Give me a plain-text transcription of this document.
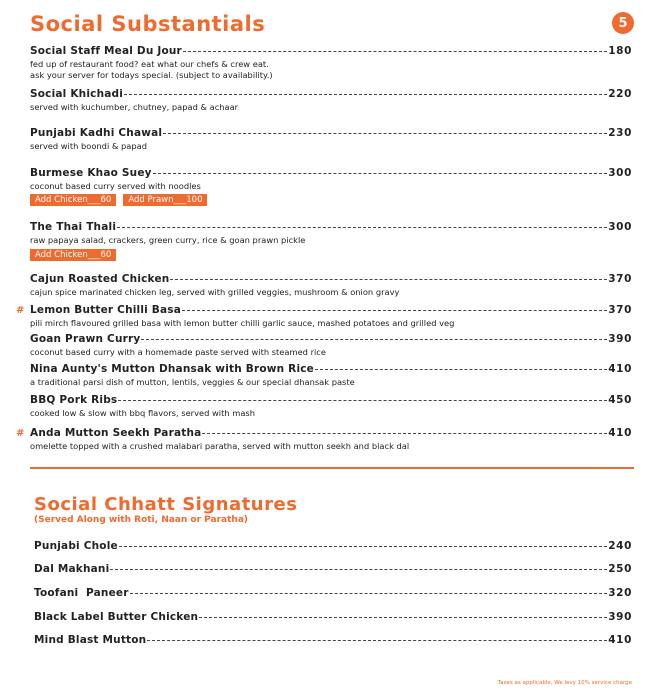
Social Substantials	5
Social Staff Meal Du Jour	180
fed up of restaurant food? eat what our chefs & crew eat.
ask your server for todays special. (subject to availability.)
Social Khichadi	220
served with kuchumber, chutney, papad & achaar
Punjabi Kadhi Chawal	230
served with boondi & papad
Burmese Khao Suey	300
coconut based curry served with noodles
Add Chicken___60	Add Prawn___100
The Thai Thali	300
raw papaya salad, crackers, green curry, rice & goan prawn pickle
Add Chicken___60
Cajun Roasted Chicken	370
cajun spice marinated chicken leg, served with grilled veggies, mushroom & onion gravy
# Lemon Butter Chilli Basa	370
pili mirch flavoured grilled basa with lemon butter chilli garlic sauce, mashed potatoes and grilled veg
Goan Prawn Curry	390
coconut based curry with a homemade paste served with steamed rice
Nina Aunty's Mutton Dhansak with Brown Rice	410
a traditional parsi dish of mutton, lentils, veggies & our special dhansak paste
BBQ Pork Ribs	450
cooked low & slow with bbq flavors, served with mash
# Anda Mutton Seekh Paratha	410
omelette topped with a crushed malabari paratha, served with mutton seekh and black dal
Social Chhatt Signatures
(Served Along with Roti, Naan or Paratha)
Punjabi Chole	240
Dal Makhani	250
Toofani  Paneer	320
Black Label Butter Chicken	390
Mind Blast Mutton	410
Taxes as applicable, We levy 10% service charge
